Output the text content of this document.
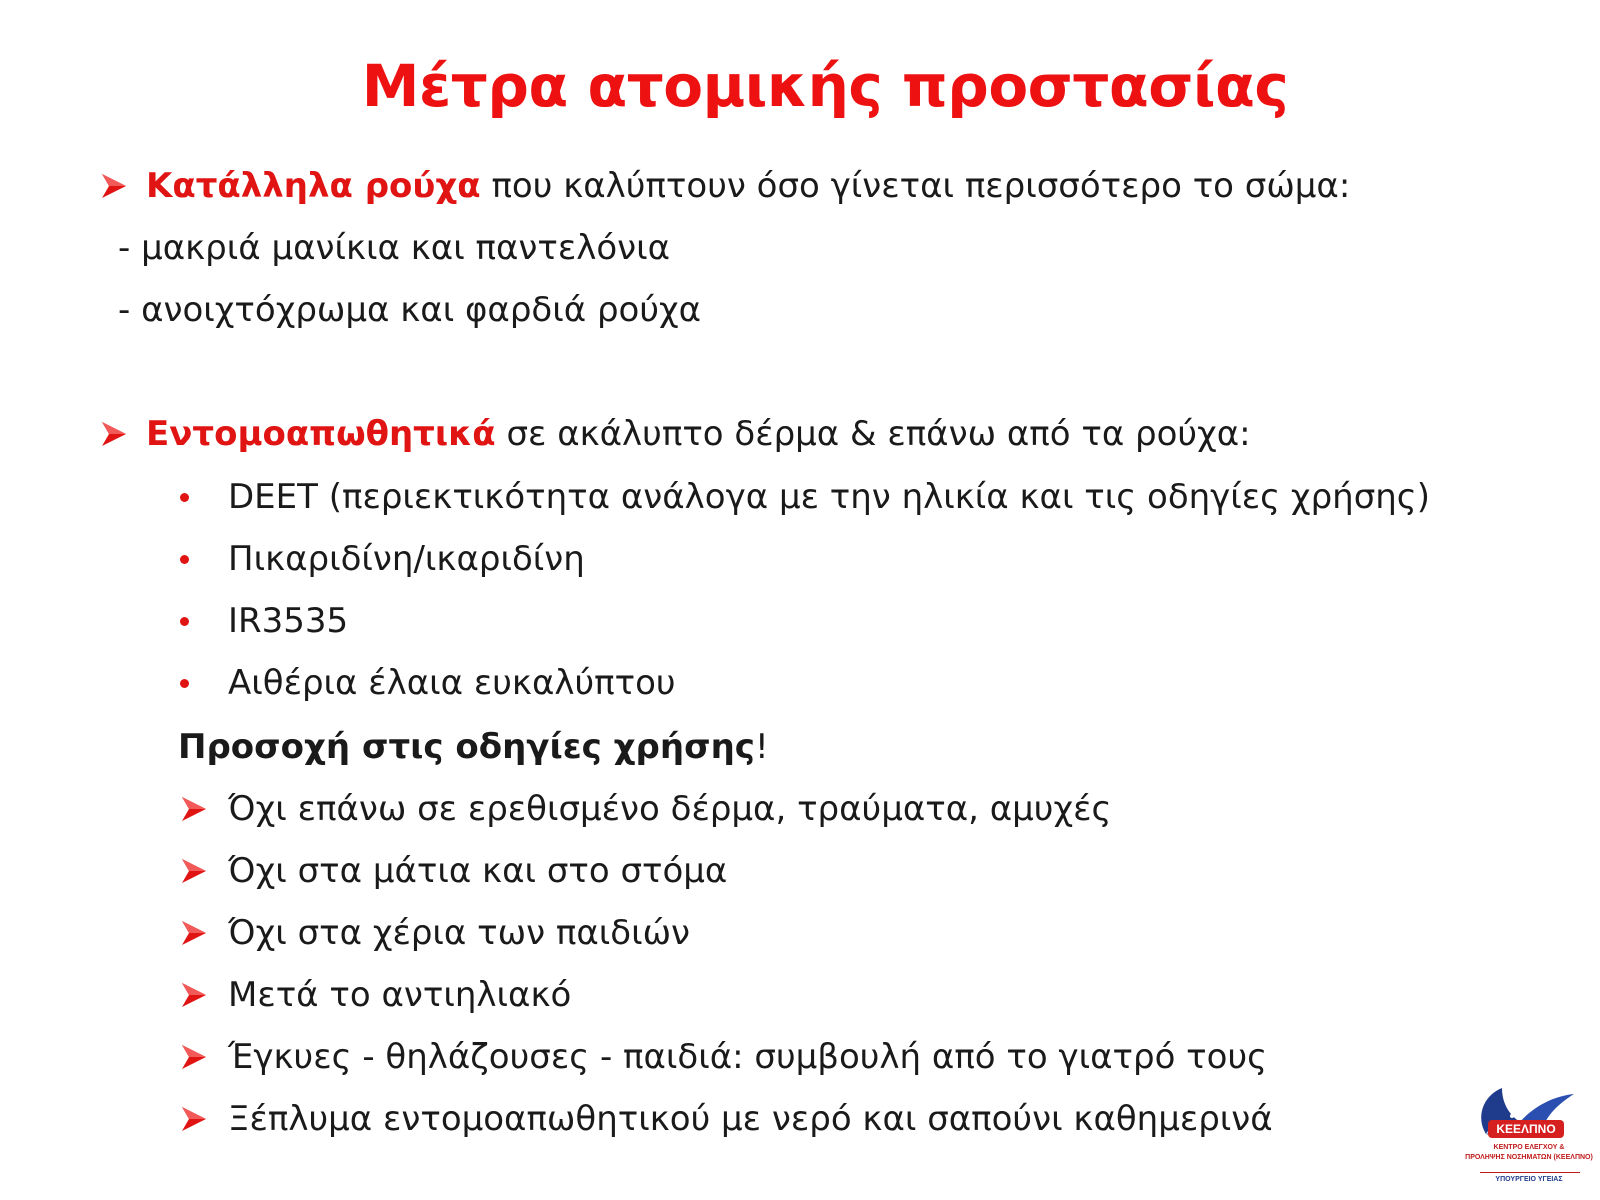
Μέτρα ατομικής προστασίας
Κατάλληλα ρούχα που καλύπτουν όσο γίνεται περισσότερο το σώμα:
- μακριά μανίκια και παντελόνια
- ανοιχτόχρωμα και φαρδιά ρούχα
Εντομοαπωθητικά σε ακάλυπτο δέρμα & επάνω από τα ρούχα:
DEET (περιεκτικότητα ανάλογα με την ηλικία και τις οδηγίες χρήσης)
Πικαριδίνη/ικαριδίνη
IR3535
Αιθέρια έλαια ευκαλύπτου
Προσοχή στις οδηγίες χρήσης!
Όχι επάνω σε ερεθισμένο δέρμα, τραύματα, αμυχές
Όχι στα μάτια και στο στόμα
Όχι στα χέρια των παιδιών
Μετά το αντιηλιακό
Έγκυες - θηλάζουσες - παιδιά: συμβουλή από το γιατρό τους
Ξέπλυμα εντομοαπωθητικού με νερό και σαπούνι καθημερινά	ΚΕΕΛΠΝΟ
ΚΕΝΤΡΟ ΕΛΕΓΧΟΥ &
ΠΡΟΛΗΨΗΣ ΝΟΣΗΜΑΤΩΝ (ΚΕΕΛΠΝΟ)
ΥΠΟΥΡΓΕΙΟ ΥΓΕΙΑΣ
